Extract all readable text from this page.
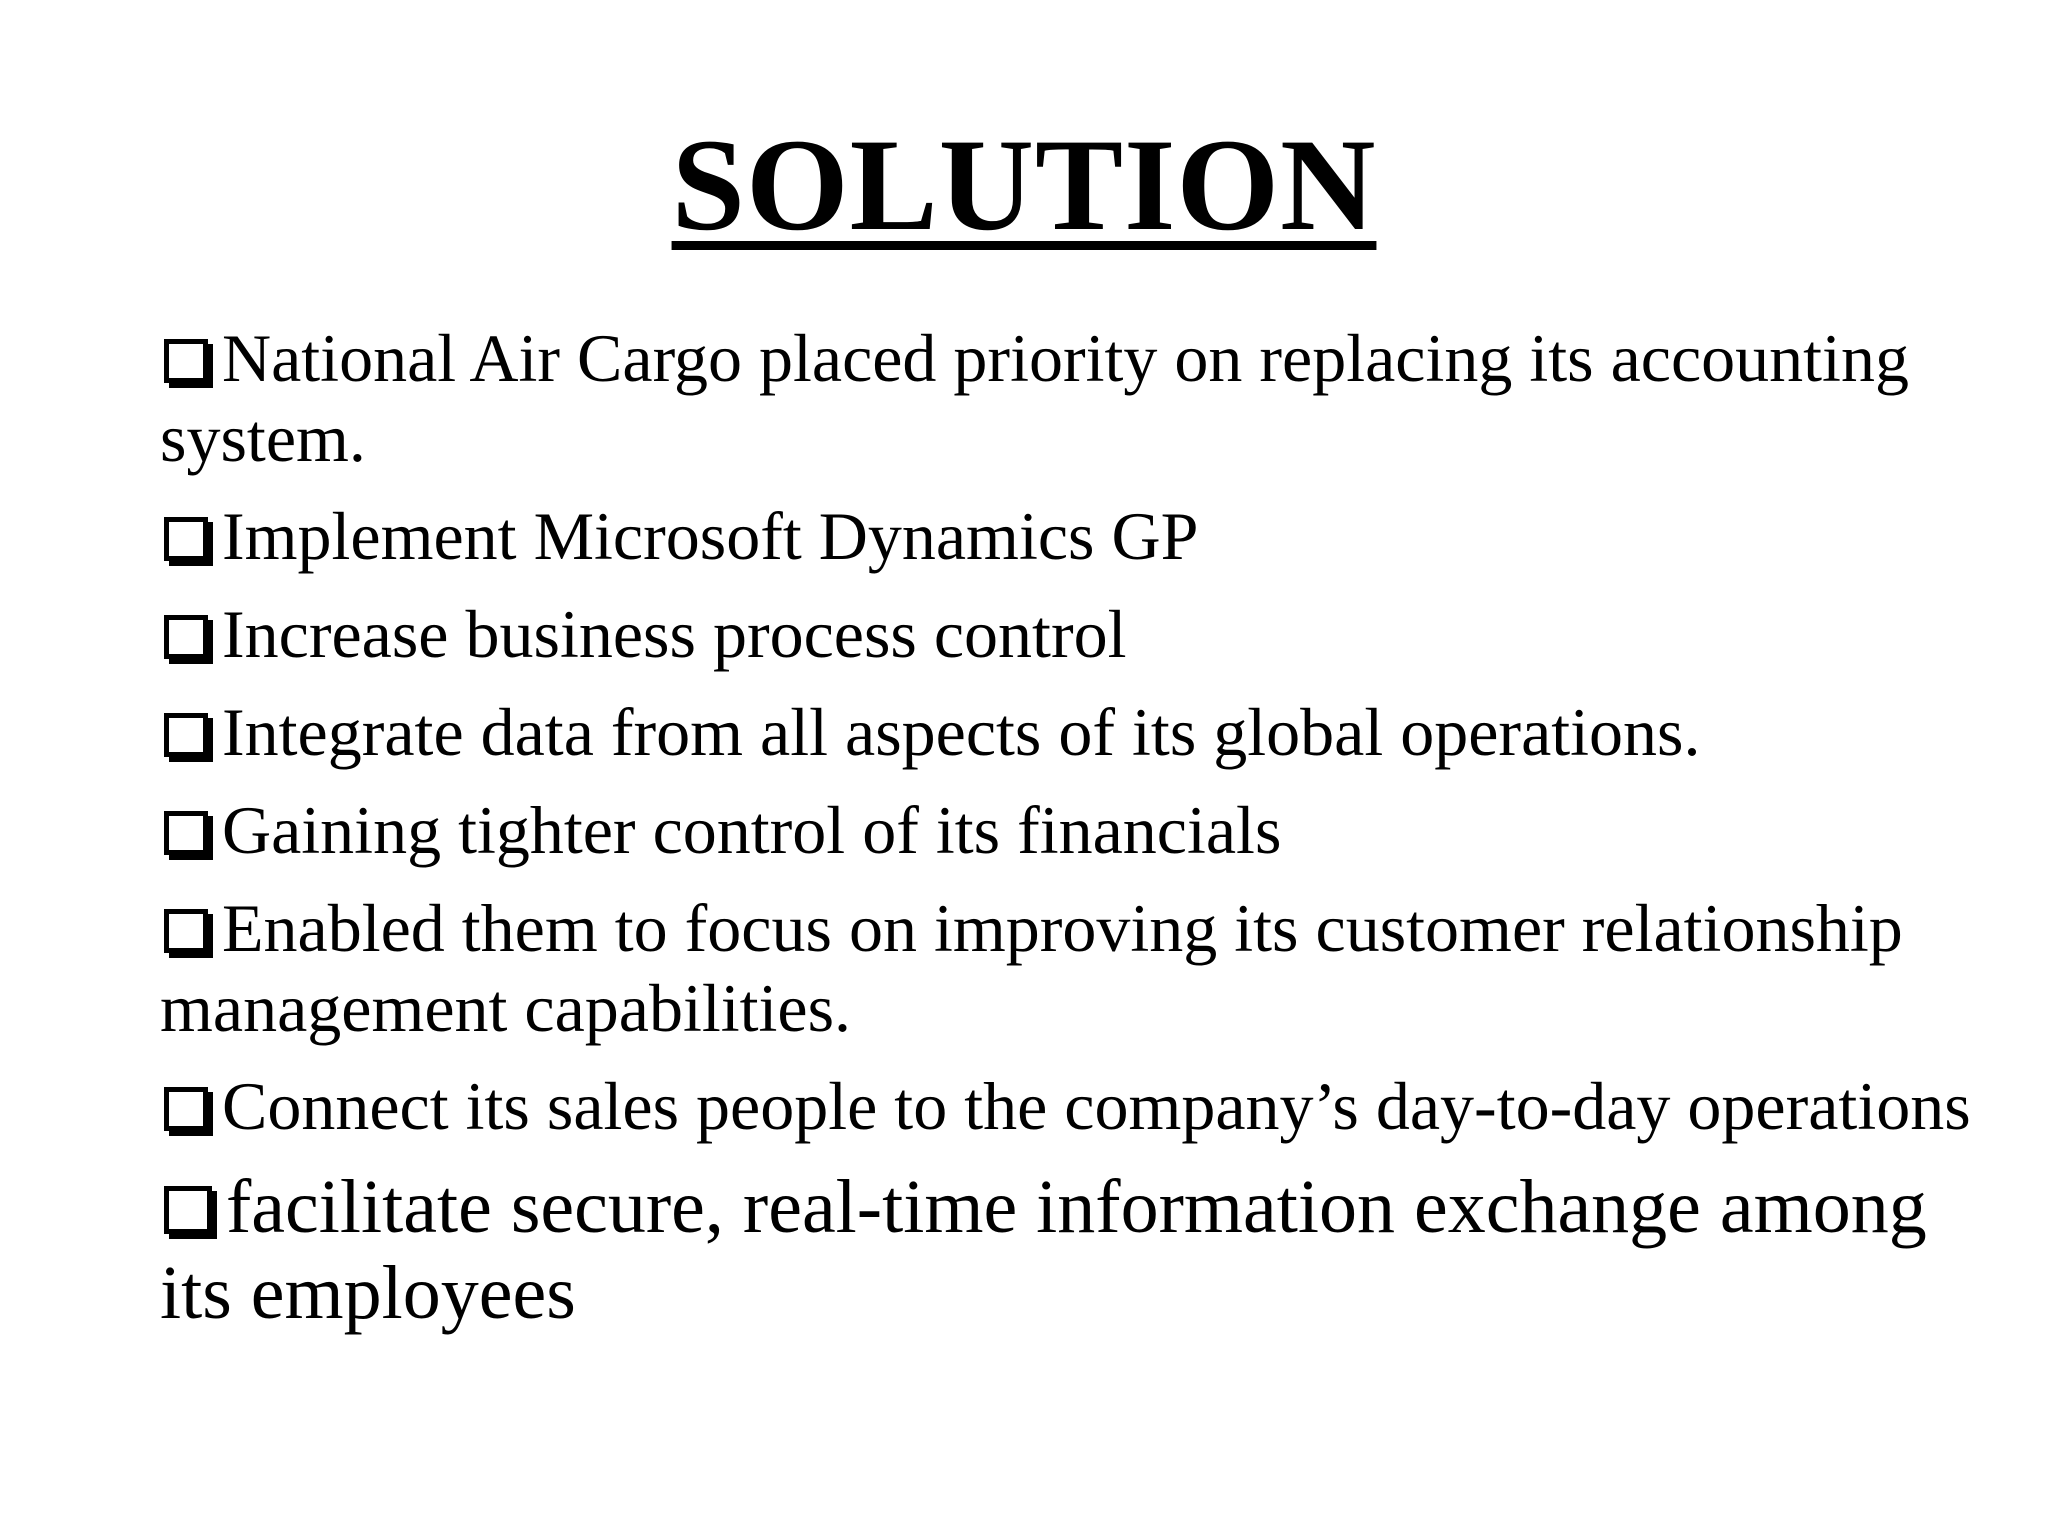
SOLUTION
National Air Cargo placed priority on replacing its accounting system.
Implement Microsoft Dynamics GP
Increase business process control
Integrate data from all aspects of its global operations.
Gaining tighter control of its financials
Enabled them to focus on improving its customer relationship management capabilities.
Connect its sales people to the company’s day-to-day operations
facilitate secure, real-time information exchange among its employees
